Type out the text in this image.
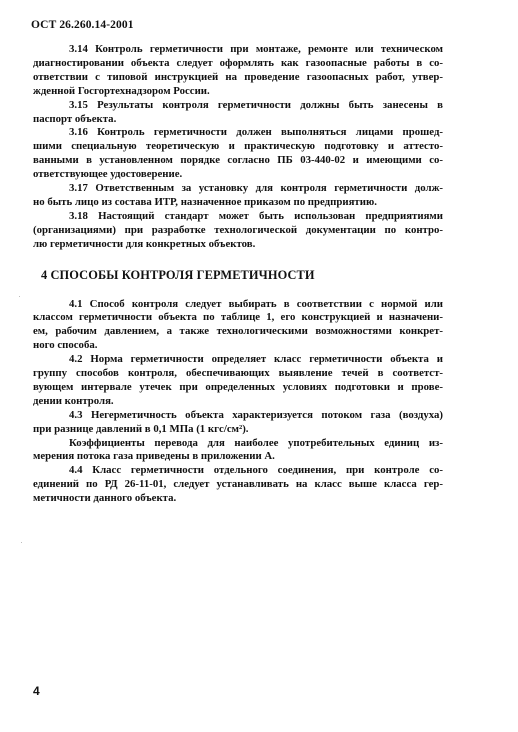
ОСТ 26.260.14-2001

3.14 Контроль герметичности при монтаже, ремонте или техническом
диагностировании объекта следует оформлять как газоопасные работы в со-
ответствии с типовой инструкцией на проведение газоопасных работ, утвер-
жденной Госгортехнадзором России.

3.15 Результаты контроля герметичности должны быть занесены в
паспорт объекта.

3.16 Контроль герметичности должен выполняться лицами прошед-
шими специальную теоретическую и практическую подготовку и аттесто-
ванными в установленном порядке согласно ПБ 03-440-02 и имеющими со-
ответствующее удостоверение.

3.17 Ответственным за установку для контроля герметичности долж-
но быть лицо из состава ИТР, назначенное приказом по предприятию.

3.18 Настоящий стандарт может быть использован предприятиями
(организациями) при разработке технологической документации по контро-
лю герметичности для конкретных объектов.

4 СПОСОБЫ КОНТРОЛЯ ГЕРМЕТИЧНОСТИ

4.1 Способ контроля следует выбирать в соответствии с нормой или
классом герметичности объекта по таблице 1, его конструкцией и назначени-
ем, рабочим давлением, а также технологическими возможностями конкрет-
ного способа.

4.2 Норма герметичности определяет класс герметичности объекта и
группу способов контроля, обеспечивающих выявление течей в соответст-
вующем интервале утечек при определенных условиях подготовки и прове-
дении контроля.

4.3 Негерметичность объекта характеризуется потоком газа (воздуха)
при разнице давлений в 0,1 МПа (1 кгс/см²).

Коэффициенты перевода для наиболее употребительных единиц из-
мерения потока газа приведены в приложении А.

4.4 Класс герметичности отдельного соединения, при контроле со-
единений по РД 26-11-01, следует устанавливать на класс выше класса гер-
метичности данного объекта.

4
